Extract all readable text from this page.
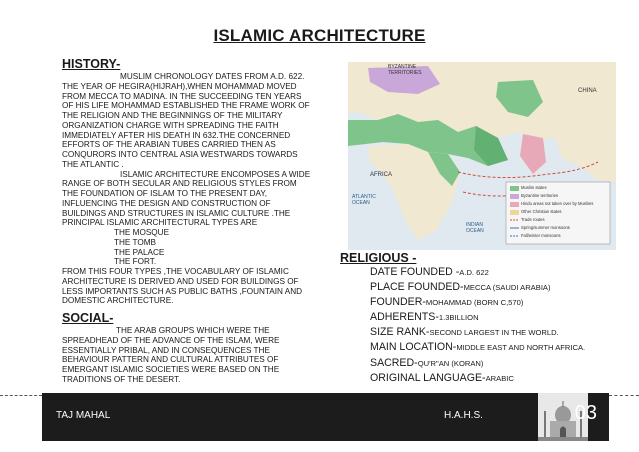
ISLAMIC ARCHITECTURE
HISTORY-
MUSLIM CHRONOLOGY DATES FROM A.D. 622.
THE YEAR OF HEGIRA(HIJRAH),WHEN MOHAMMAD MOVED
FROM MECCA TO MADINA. IN THE SUCCEEDING TEN YEARS
OF HIS LIFE MOHAMMAD ESTABLISHED THE FRAME WORK OF
THE RELIGION AND THE BEGINNINGS OF THE MILITARY
ORGANIZATION CHARGE WITH SPREADING THE FAITH
IMMEDIATELY AFTER HIS DEATH IN 632.THE CONCERNED
EFFORTS OF THE ARABIAN TUBES CARRIED THEN AS
CONQURORS INTO CENTRAL ASIA WESTWARDS TOWARDS
THE ATLANTIC .
ISLAMIC ARCHITECTURE ENCOMPOSES A WIDE
RANGE OF BOTH SECULAR AND RELIGIOUS STYLES FROM
THE FOUNDATION OF ISLAM TO THE PRESENT DAY,
INFLUENCING THE DESIGN AND CONSTRUCTION OF
BUILDINGS AND STRUCTURES IN ISLAMIC CULTURE .THE
PRINCIPAL ISLAMIC ARCHITECTURAL TYPES ARE
THE MOSQUE
THE TOMB
THE PALACE
THE FORT.
FROM THIS FOUR TYPES ,THE VOCABULARY OF ISLAMIC
ARCHITECTURE IS DERIVED AND USED FOR BUILDINGS OF
LESS IMPORTANTS SUCH AS PUBLIC BATHS ,FOUNTAIN AND
DOMESTIC ARCHITECTURE.
SOCIAL-
THE ARAB GROUPS WHICH WERE THE
SPREADHEAD OF THE ADVANCE OF THE ISLAM, WERE
ESSENTIALLY PRIBAL, AND IN CONSEQUENCES THE
BEHAVIOUR PATTERN AND CULTURAL ATTRIBUTES OF
EMERGANT ISLAMIC SOCIETIES WERE BASED ON THE
TRADITIONS OF THE DESERT.
BYZANTINE TERRITORIES
CHINA
AFRICA
ATLANTIC OCEAN
INDIAN OCEAN
Muslim states
Byzantine territories
Hindu areas not taken over by Muslims
Other Christian states
Trade routes
Spring/summer monsoons
Fall/winter monsoons
RELIGIOUS -
DATE FOUNDED -A.D. 622
PLACE FOUNDED-MECCA (SAUDI ARABIA)
FOUNDER-MOHAMMAD (BORN C,570)
ADHERENTS-1.3BILLION
SIZE RANK-SECOND LARGEST IN THE WORLD.
MAIN LOCATION-MIDDLE EAST AND NORTH AFRICA.
SACRED-QU'R"AN (KORAN)
ORIGINAL LANGUAGE-ARABIC
TAJ MAHAL	H.A.H.S.	03
